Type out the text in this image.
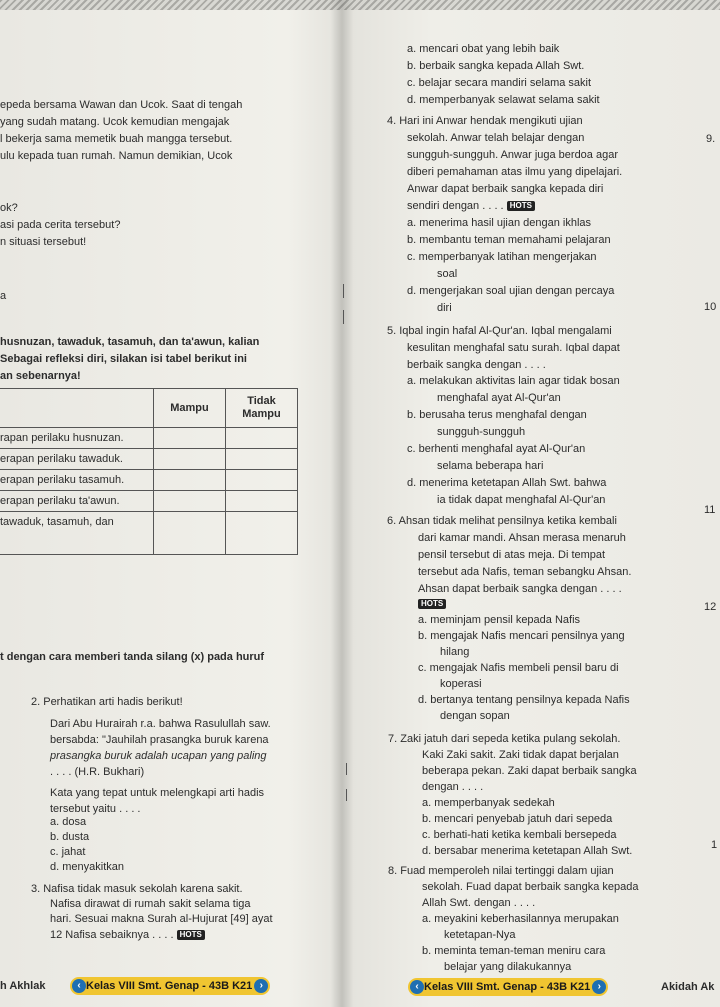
epeda bersama Wawan dan Ucok. Saat di tengah
yang sudah matang. Ucok kemudian mengajak
l bekerja sama memetik buah mangga tersebut.
ulu kepada tuan rumah. Namun demikian, Ucok
ok?
asi pada cerita tersebut?
n situasi tersebut!
a
husnuzan, tawaduk, tasamuh, dan ta'awun, kalian
Sebagai refleksi diri, silakan isi tabel berikut ini
an sebenarnya!
	Mampu	Tidak
Mampu

rapan perilaku husnuzan.		
erapan perilaku tawaduk.		
erapan perilaku tasamuh.		
erapan perilaku ta'awun.		
tawaduk, tasamuh, dan		
t dengan cara memberi tanda silang (x) pada huruf
2. Perhatikan arti hadis berikut!
Dari Abu Hurairah r.a. bahwa Rasulullah saw.
bersabda: "Jauhilah prasangka buruk karena
prasangka buruk adalah ucapan yang paling
. . . . (H.R. Bukhari)
Kata yang tepat untuk melengkapi arti hadis
tersebut yaitu . . . .
a. dosa
b. dusta
c. jahat
d. menyakitkan
3. Nafisa tidak masuk sekolah karena sakit.
Nafisa dirawat di rumah sakit selama tiga
hari. Sesuai makna Surah al-Hujurat [49] ayat
12 Nafisa sebaiknya . . . . HOTS
h Akhlak	‹ Kelas VIII Smt. Genap - 43B K21 ›
a. mencari obat yang lebih baik
b. berbaik sangka kepada Allah Swt.
c. belajar secara mandiri selama sakit
d. memperbanyak selawat selama sakit
4. Hari ini Anwar hendak mengikuti ujian
sekolah. Anwar telah belajar dengan
sungguh-sungguh. Anwar juga berdoa agar
diberi pemahaman atas ilmu yang dipelajari.
Anwar dapat berbaik sangka kepada diri
sendiri dengan . . . . HOTS
a. menerima hasil ujian dengan ikhlas
b. membantu teman memahami pelajaran
c. memperbanyak latihan mengerjakan
soal
d. mengerjakan soal ujian dengan percaya
diri
5. Iqbal ingin hafal Al-Qur'an. Iqbal mengalami
kesulitan menghafal satu surah. Iqbal dapat
berbaik sangka dengan . . . .
a. melakukan aktivitas lain agar tidak bosan
menghafal ayat Al-Qur'an
b. berusaha terus menghafal dengan
sungguh-sungguh
c. berhenti menghafal ayat Al-Qur'an
selama beberapa hari
d. menerima ketetapan Allah Swt. bahwa
ia tidak dapat menghafal Al-Qur'an
6. Ahsan tidak melihat pensilnya ketika kembali
dari kamar mandi. Ahsan merasa menaruh
pensil tersebut di atas meja. Di tempat
tersebut ada Nafis, teman sebangku Ahsan.
Ahsan dapat berbaik sangka dengan . . . .
HOTS
a. meminjam pensil kepada Nafis
b. mengajak Nafis mencari pensilnya yang
hilang
c. mengajak Nafis membeli pensil baru di
koperasi
d. bertanya tentang pensilnya kepada Nafis
dengan sopan
7. Zaki jatuh dari sepeda ketika pulang sekolah.
Kaki Zaki sakit. Zaki tidak dapat berjalan
beberapa pekan. Zaki dapat berbaik sangka
dengan . . . .
a. memperbanyak sedekah
b. mencari penyebab jatuh dari sepeda
c. berhati-hati ketika kembali bersepeda
d. bersabar menerima ketetapan Allah Swt.
8. Fuad memperoleh nilai tertinggi dalam ujian
sekolah. Fuad dapat berbaik sangka kepada
Allah Swt. dengan . . . .
a. meyakini keberhasilannya merupakan
ketetapan-Nya
b. meminta teman-teman meniru cara
belajar yang dilakukannya
‹ Kelas VIII Smt. Genap - 43B K21 ›	Akidah Ak
9.
10
11
12
1
